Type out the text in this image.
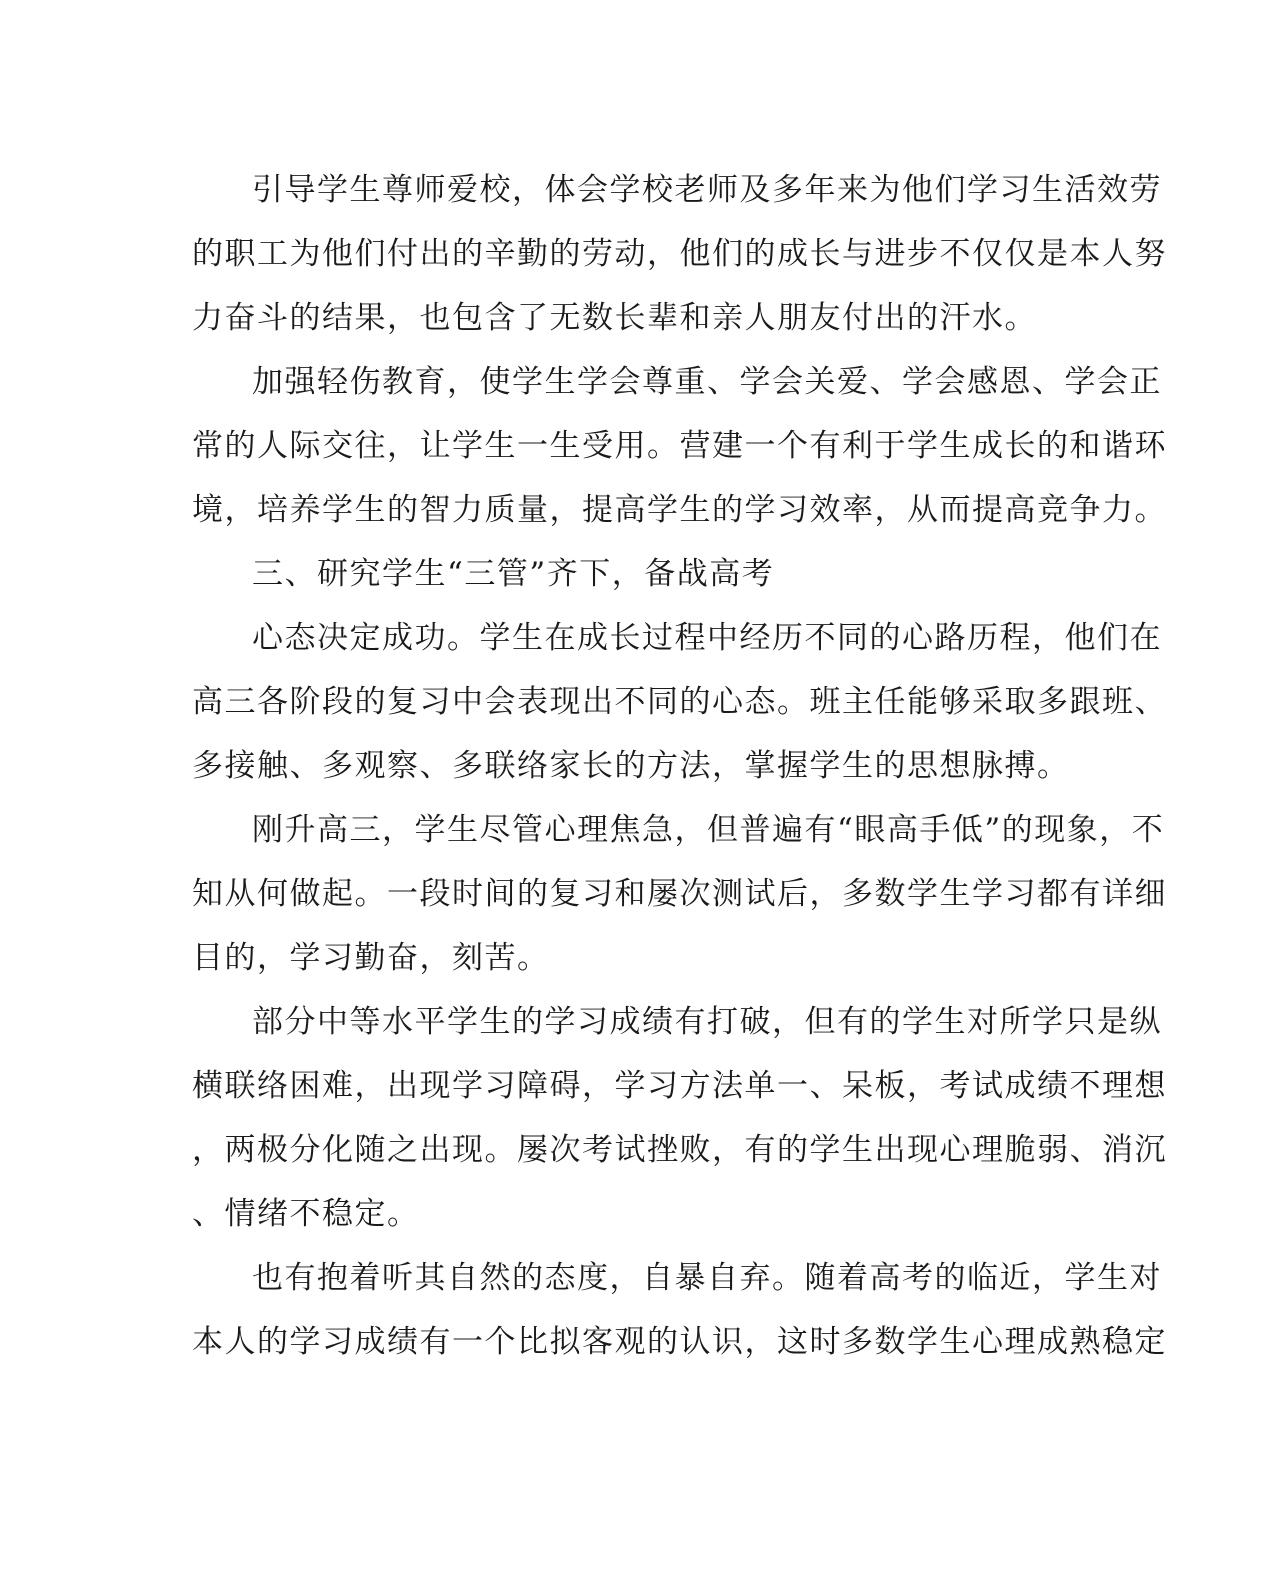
引导学生尊师爱校，体会学校老师及多年来为他们学习生活效劳
的职工为他们付出的辛勤的劳动，他们的成长与进步不仅仅是本人努
力奋斗的结果，也包含了无数长辈和亲人朋友付出的汗水。
加强轻伤教育，使学生学会尊重、学会关爱、学会感恩、学会正
常的人际交往，让学生一生受用。营建一个有利于学生成长的和谐环
境，培养学生的智力质量，提高学生的学习效率，从而提高竞争力。
三、研究学生“三管”齐下，备战高考
心态决定成功。学生在成长过程中经历不同的心路历程，他们在
高三各阶段的复习中会表现出不同的心态。班主任能够采取多跟班、
多接触、多观察、多联络家长的方法，掌握学生的思想脉搏。
刚升高三，学生尽管心理焦急，但普遍有“眼高手低”的现象，不
知从何做起。一段时间的复习和屡次测试后，多数学生学习都有详细
目的，学习勤奋，刻苦。
部分中等水平学生的学习成绩有打破，但有的学生对所学只是纵
横联络困难，出现学习障碍，学习方法单一、呆板，考试成绩不理想
，两极分化随之出现。屡次考试挫败，有的学生出现心理脆弱、消沉
、情绪不稳定。
也有抱着听其自然的态度，自暴自弃。随着高考的临近，学生对
本人的学习成绩有一个比拟客观的认识，这时多数学生心理成熟稳定
